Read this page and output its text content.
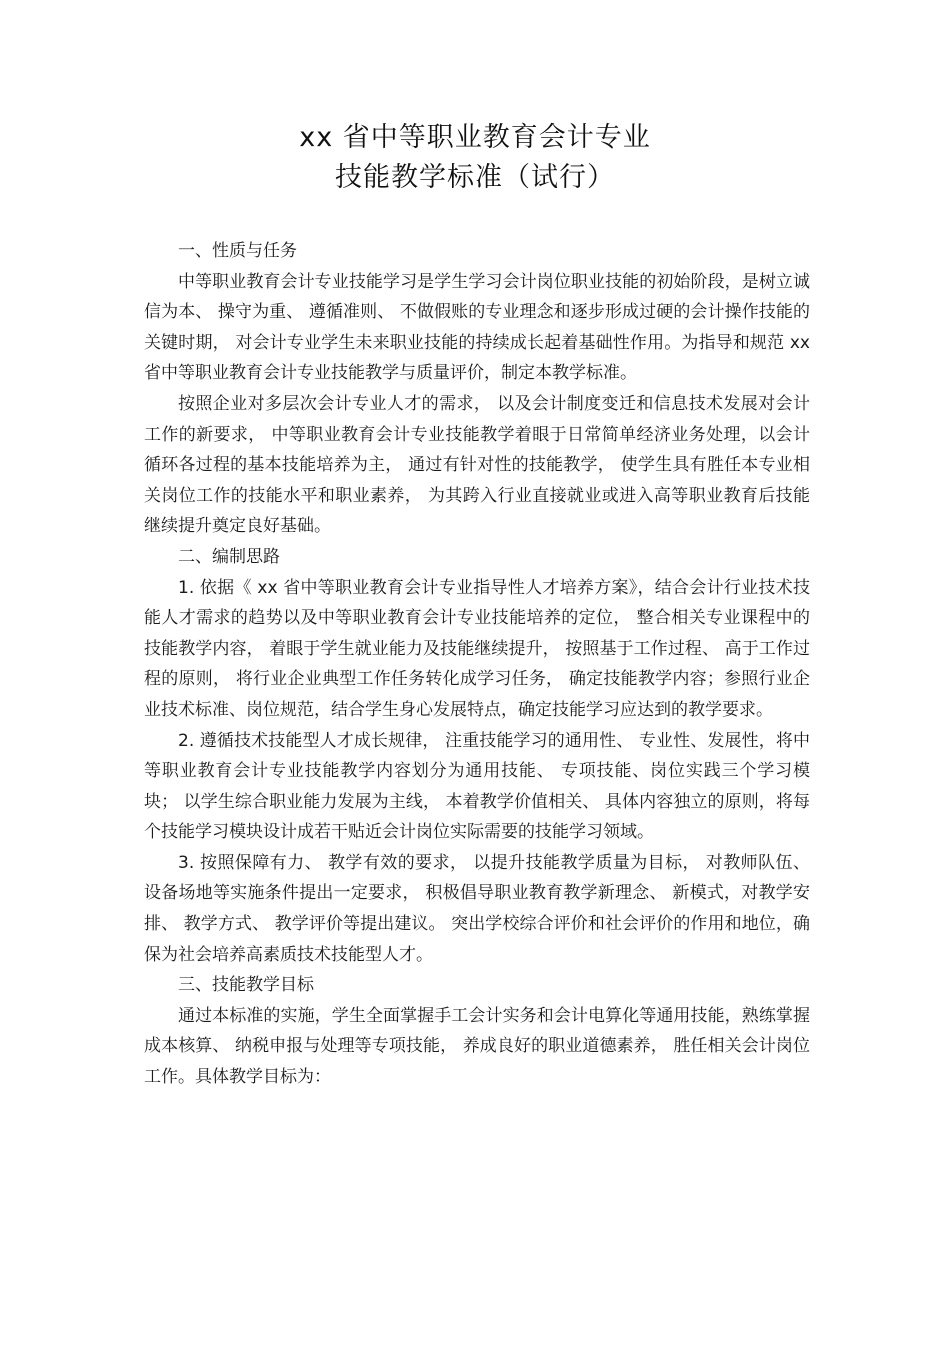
xx 省中等职业教育会计专业
技能教学标准（试行）

一、性质与任务

中等职业教育会计专业技能学习是学生学习会计岗位职业技能的初始阶段，是树立诚信为本、 操守为重、 遵循准则、 不做假账的专业理念和逐步形成过硬的会计操作技能的关键时期， 对会计专业学生未来职业技能的持续成长起着基础性作用。为指导和规范 xx 省中等职业教育会计专业技能教学与质量评价，制定本教学标准。

按照企业对多层次会计专业人才的需求， 以及会计制度变迁和信息技术发展对会计工作的新要求， 中等职业教育会计专业技能教学着眼于日常简单经济业务处理，以会计循环各过程的基本技能培养为主， 通过有针对性的技能教学， 使学生具有胜任本专业相关岗位工作的技能水平和职业素养， 为其跨入行业直接就业或进入高等职业教育后技能继续提升奠定良好基础。

二、编制思路

1. 依据《 xx 省中等职业教育会计专业指导性人才培养方案》，结合会计行业技术技能人才需求的趋势以及中等职业教育会计专业技能培养的定位， 整合相关专业课程中的技能教学内容， 着眼于学生就业能力及技能继续提升， 按照基于工作过程、 高于工作过程的原则， 将行业企业典型工作任务转化成学习任务， 确定技能教学内容；参照行业企业技术标准、岗位规范，结合学生身心发展特点，确定技能学习应达到的教学要求。

2. 遵循技术技能型人才成长规律， 注重技能学习的通用性、 专业性、发展性，将中等职业教育会计专业技能教学内容划分为通用技能、 专项技能、岗位实践三个学习模块； 以学生综合职业能力发展为主线， 本着教学价值相关、 具体内容独立的原则，将每个技能学习模块设计成若干贴近会计岗位实际需要的技能学习领域。

3. 按照保障有力、 教学有效的要求， 以提升技能教学质量为目标， 对教师队伍、设备场地等实施条件提出一定要求， 积极倡导职业教育教学新理念、 新模式，对教学安排、 教学方式、 教学评价等提出建议。 突出学校综合评价和社会评价的作用和地位，确保为社会培养高素质技术技能型人才。

三、技能教学目标

通过本标准的实施，学生全面掌握手工会计实务和会计电算化等通用技能，熟练掌握成本核算、 纳税申报与处理等专项技能， 养成良好的职业道德素养， 胜任相关会计岗位工作。具体教学目标为：
